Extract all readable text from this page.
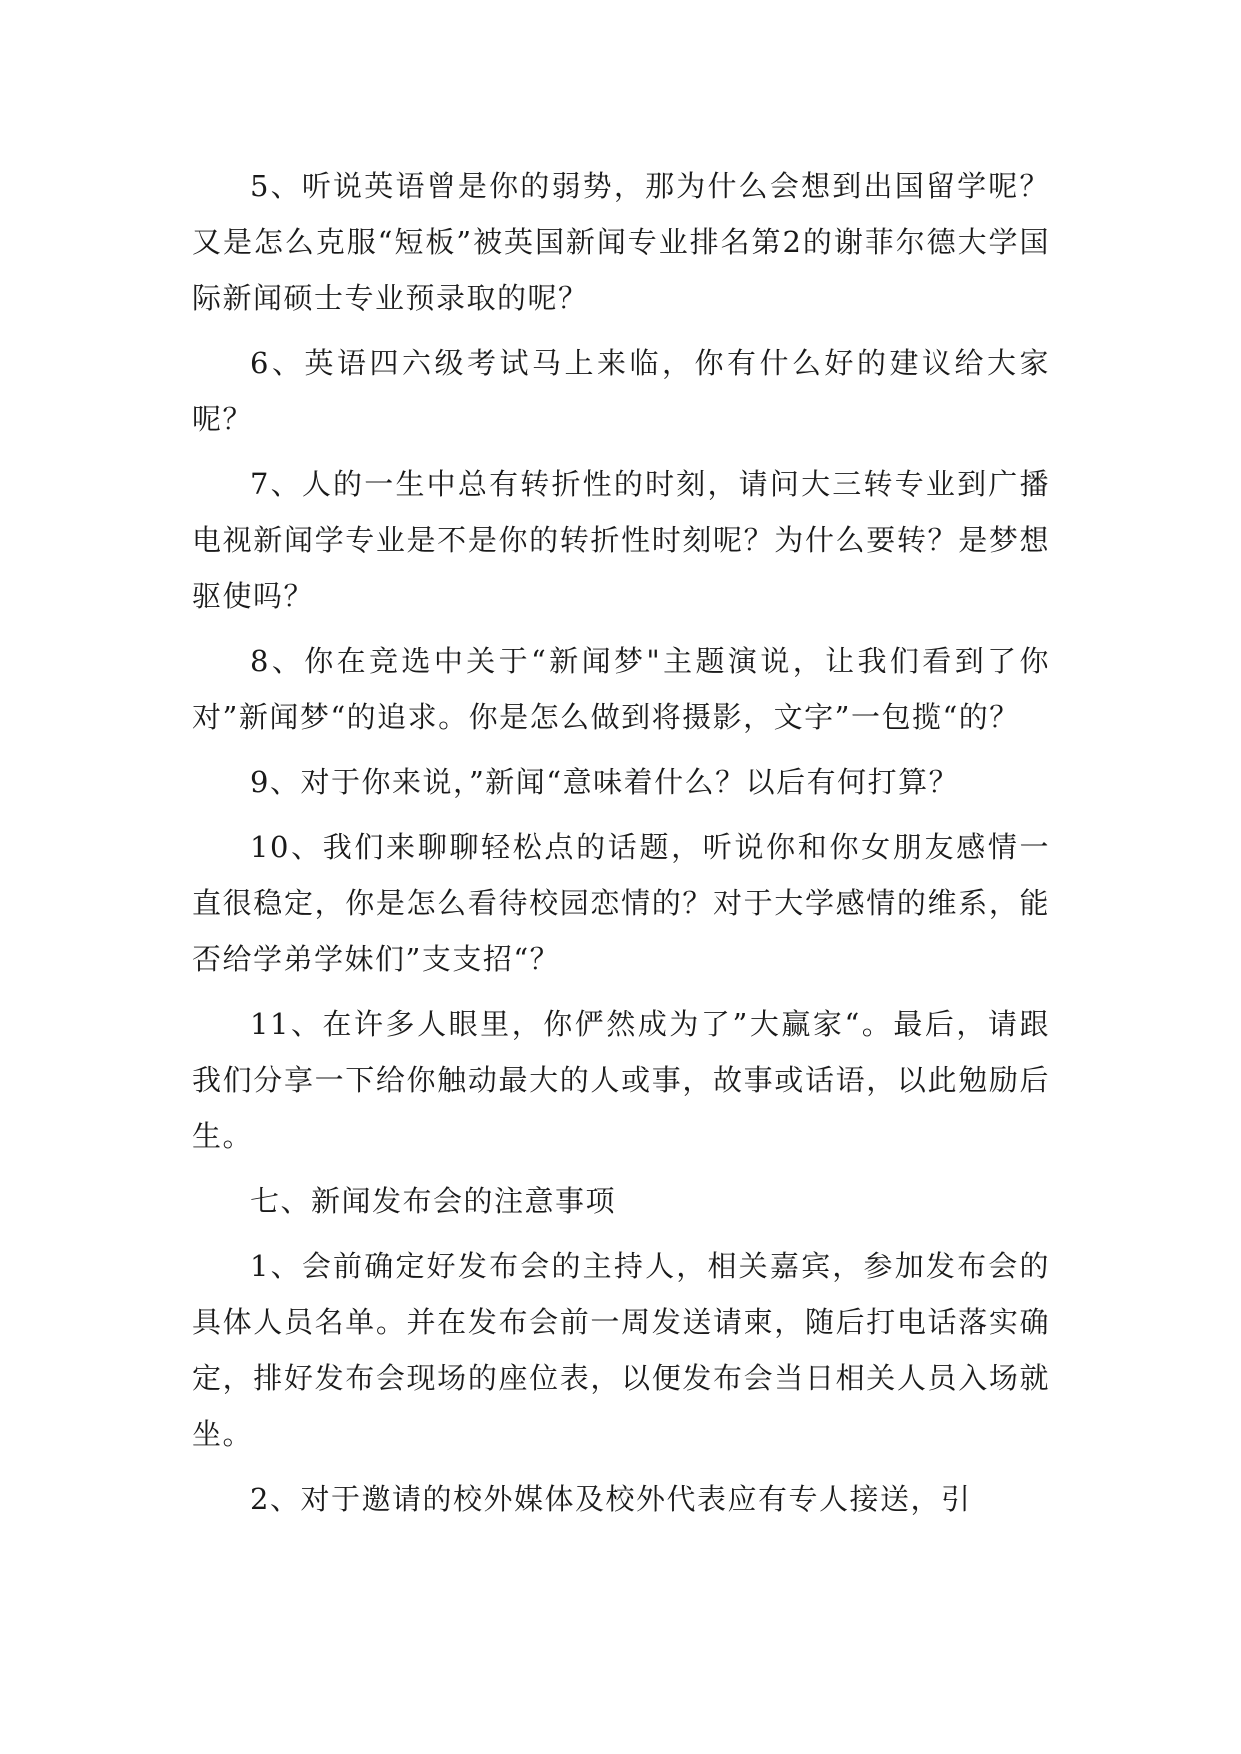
5、听说英语曾是你的弱势，那为什么会想到出国留学呢？又是怎么克服“短板”被英国新闻专业排名第2的谢菲尔德大学国际新闻硕士专业预录取的呢？

6、英语四六级考试马上来临，你有什么好的建议给大家呢？

7、人的一生中总有转折性的时刻，请问大三转专业到广播电视新闻学专业是不是你的转折性时刻呢？为什么要转？是梦想驱使吗？

8、你在竞选中关于“新闻梦"主题演说，让我们看到了你对”新闻梦“的追求。你是怎么做到将摄影，文字”一包揽“的？

9、对于你来说，”新闻“意味着什么？以后有何打算？

10、我们来聊聊轻松点的话题，听说你和你女朋友感情一直很稳定，你是怎么看待校园恋情的？对于大学感情的维系，能否给学弟学妹们”支支招“？

11、在许多人眼里，你俨然成为了”大赢家“。最后，请跟我们分享一下给你触动最大的人或事，故事或话语，以此勉励后生。

七、新闻发布会的注意事项

1、会前确定好发布会的主持人，相关嘉宾，参加发布会的具体人员名单。并在发布会前一周发送请柬，随后打电话落实确定，排好发布会现场的座位表，以便发布会当日相关人员入场就坐。

2、对于邀请的校外媒体及校外代表应有专人接送，引
